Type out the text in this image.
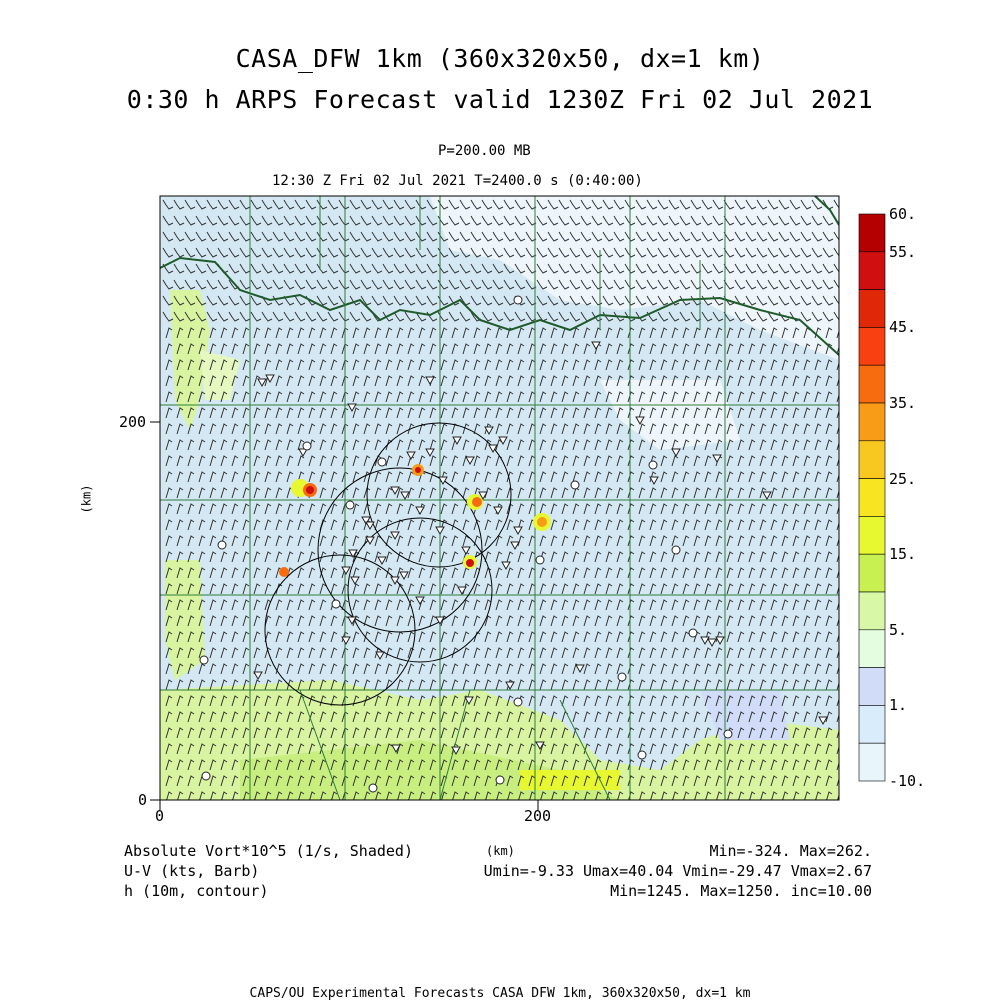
CASA_DFW 1km (360x320x50, dx=1 km)
0:30 h ARPS Forecast valid 1230Z Fri 02 Jul 2021
P=200.00 MB
12:30 Z Fri 02 Jul 2021 T=2400.0 s (0:40:00)
0	200
0
200
(km)
(km)
60.
55.
45.
35.
25.
15.
5.
1.
-10.
Absolute Vort*10^5 (1/s, Shaded)
U-V (kts, Barb)
h (10m, contour)
Min=-324. Max=262.
Umin=-9.33 Umax=40.04 Vmin=-29.47 Vmax=2.67
Min=1245. Max=1250. inc=10.00
CAPS/OU Experimental Forecasts CASA DFW 1km, 360x320x50, dx=1 km
